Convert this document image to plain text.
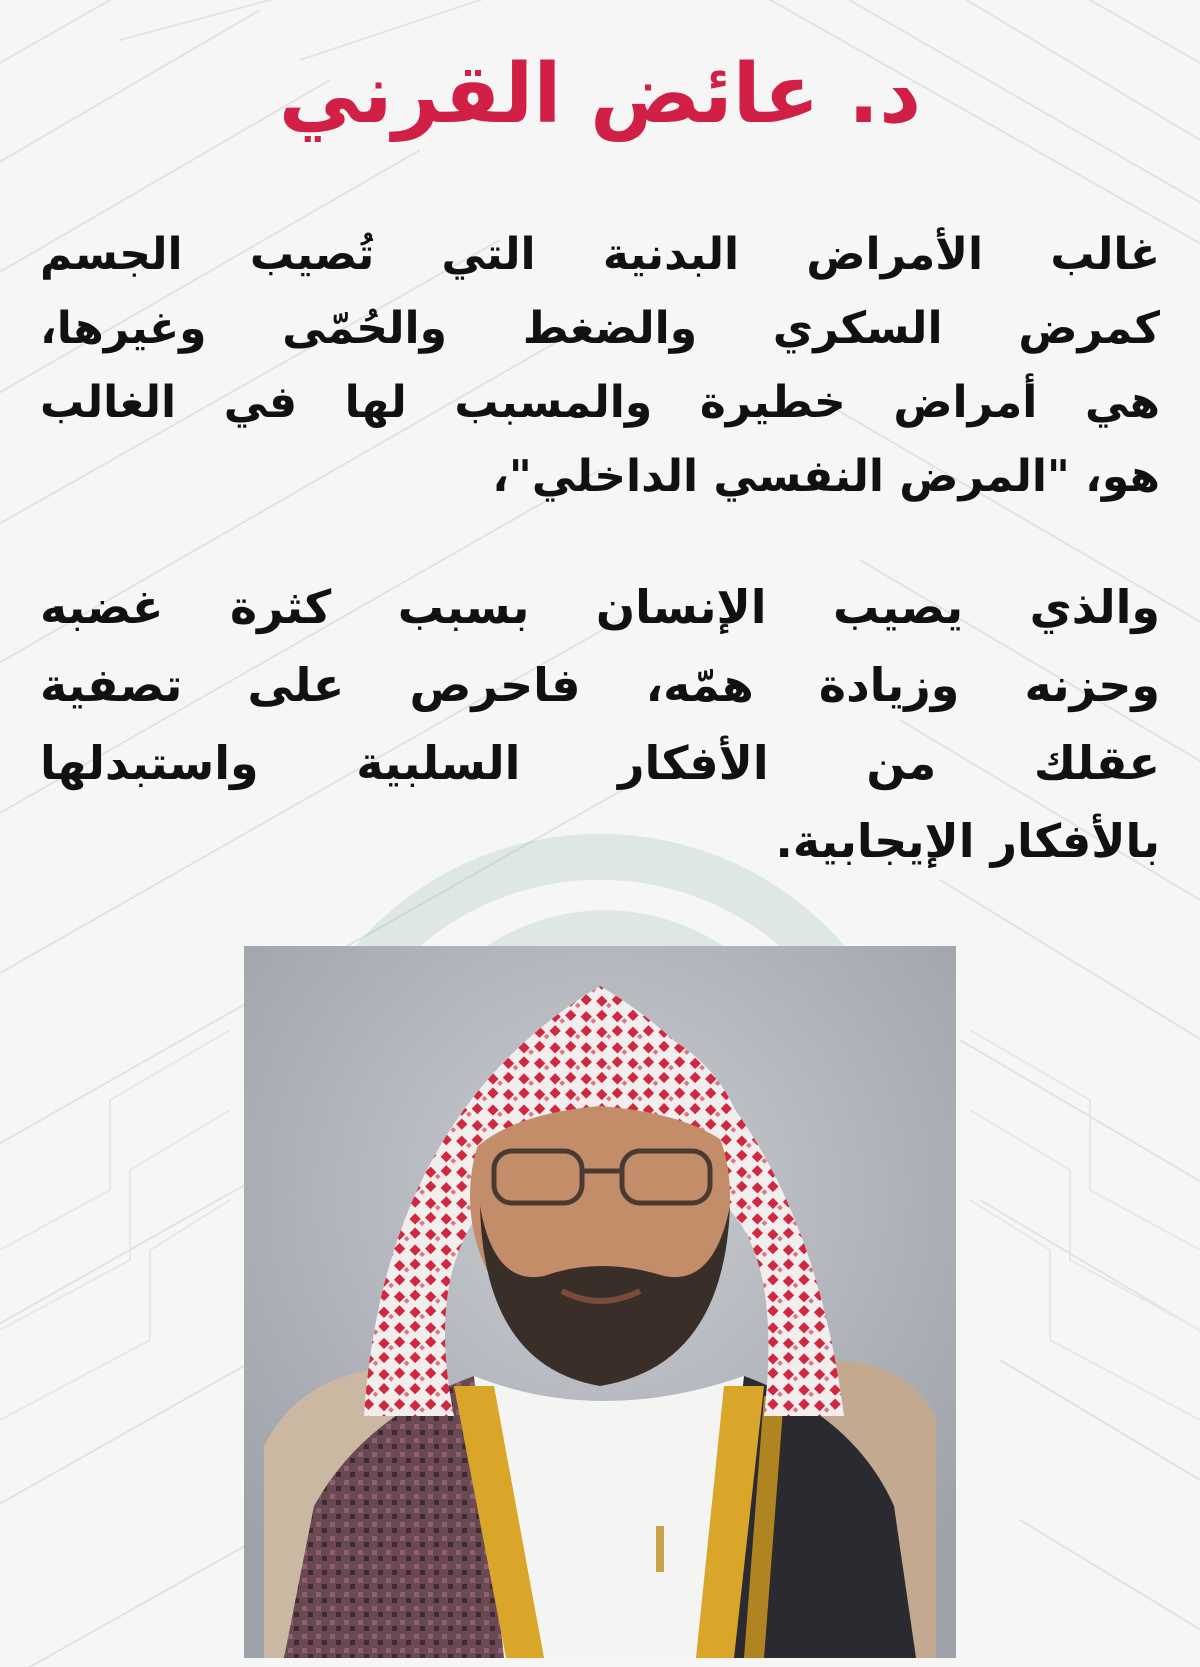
د. عائض القرني
غالب الأمراض البدنية التي تُصيب الجسم
كمرض السكري والضغط والحُمّى وغيرها،
هي أمراض خطيرة والمسبب لها في الغالب
هو، "المرض النفسي الداخلي"،
والذي يصيب الإنسان بسبب كثرة غضبه
وحزنه وزيادة همّه، فاحرص على تصفية
عقلك من الأفكار السلبية واستبدلها
بالأفكار الإيجابية.
